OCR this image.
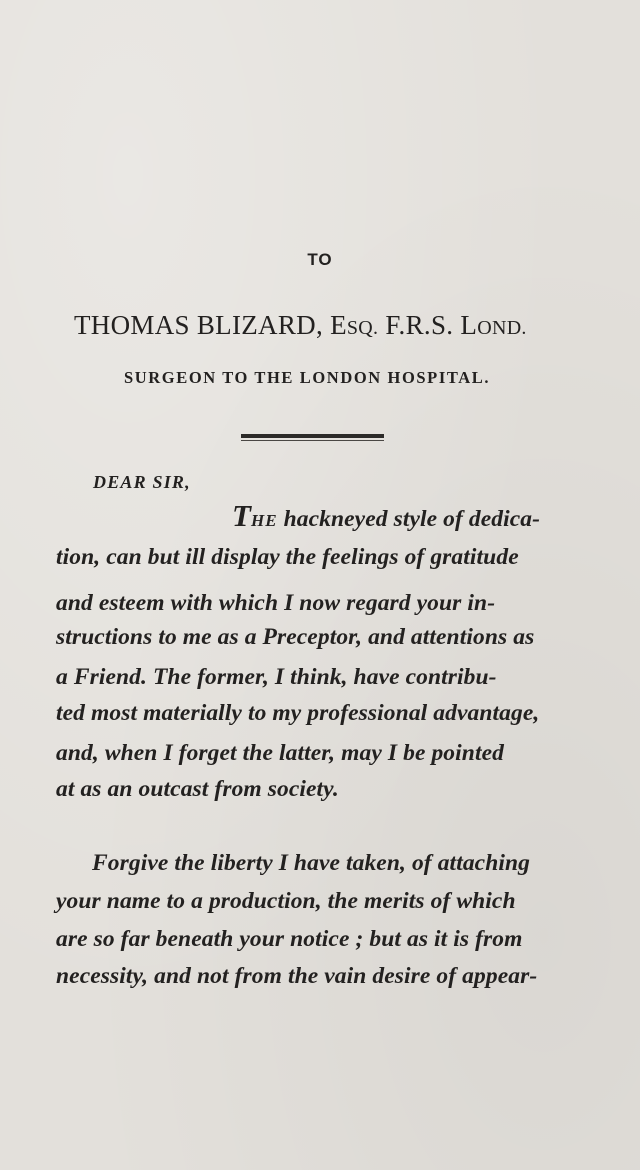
TO
THOMAS BLIZARD, ESQ. F.R.S. LOND.
SURGEON TO THE LONDON HOSPITAL.
DEAR SIR,
THE hackneyed style of dedica-
tion, can but ill display the feelings of gratitude
and esteem with which I now regard your in-
structions to me as a Preceptor, and attentions as
a Friend. The former, I think, have contribu-
ted most materially to my professional advantage,
and, when I forget the latter, may I be pointed
at as an outcast from society.
Forgive the liberty I have taken, of attaching
your name to a production, the merits of which
are so far beneath your notice ; but as it is from
necessity, and not from the vain desire of appear-
